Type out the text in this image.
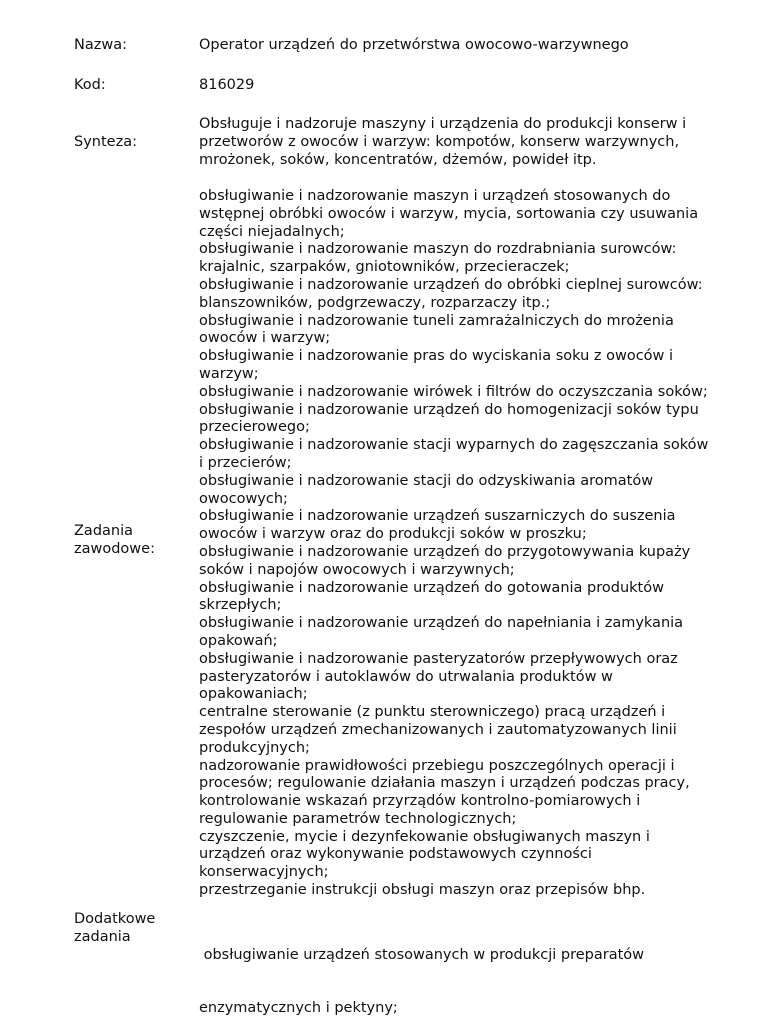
Nazwa:	Operator urządzeń do przetwórstwa owocowo-warzywnego
Kod:	816029
Synteza:
Obsługuje i nadzoruje maszyny i urządzenia do produkcji konserw i
przetworów z owoców i warzyw: kompotów, konserw warzywnych,
mrożonek, soków, koncentratów, dżemów, powideł itp.
Zadania
zawodowe:
obsługiwanie i nadzorowanie maszyn i urządzeń stosowanych do
wstępnej obróbki owoców i warzyw, mycia, sortowania czy usuwania
części niejadalnych;
obsługiwanie i nadzorowanie maszyn do rozdrabniania surowców:
krajalnic, szarpaków, gniotowników, przecieraczek;
obsługiwanie i nadzorowanie urządzeń do obróbki cieplnej surowców:
blanszowników, podgrzewaczy, rozparzaczy itp.;
obsługiwanie i nadzorowanie tuneli zamrażalniczych do mrożenia
owoców i warzyw;
obsługiwanie i nadzorowanie pras do wyciskania soku z owoców i
warzyw;
obsługiwanie i nadzorowanie wirówek i filtrów do oczyszczania soków;
obsługiwanie i nadzorowanie urządzeń do homogenizacji soków typu
przecierowego;
obsługiwanie i nadzorowanie stacji wyparnych do zagęszczania soków
i przecierów;
obsługiwanie i nadzorowanie stacji do odzyskiwania aromatów
owocowych;
obsługiwanie i nadzorowanie urządzeń suszarniczych do suszenia
owoców i warzyw oraz do produkcji soków w proszku;
obsługiwanie i nadzorowanie urządzeń do przygotowywania kupaży
soków i napojów owocowych i warzywnych;
obsługiwanie i nadzorowanie urządzeń do gotowania produktów
skrzepłych;
obsługiwanie i nadzorowanie urządzeń do napełniania i zamykania
opakowań;
obsługiwanie i nadzorowanie pasteryzatorów przepływowych oraz
pasteryzatorów i autoklawów do utrwalania produktów w
opakowaniach;
centralne sterowanie (z punktu sterowniczego) pracą urządzeń i
zespołów urządzeń zmechanizowanych i zautomatyzowanych linii
produkcyjnych;
nadzorowanie prawidłowości przebiegu poszczególnych operacji i
procesów; regulowanie działania maszyn i urządzeń podczas pracy,
kontrolowanie wskazań przyrządów kontrolno-pomiarowych i
regulowanie parametrów technologicznych;
czyszczenie, mycie i dezynfekowanie obsługiwanych maszyn i
urządzeń oraz wykonywanie podstawowych czynności
konserwacyjnych;
przestrzeganie instrukcji obsługi maszyn oraz przepisów bhp.
Dodatkowe
zadania

obsługiwanie urządzeń stosowanych w produkcji preparatów

enzymatycznych i pektyny;
